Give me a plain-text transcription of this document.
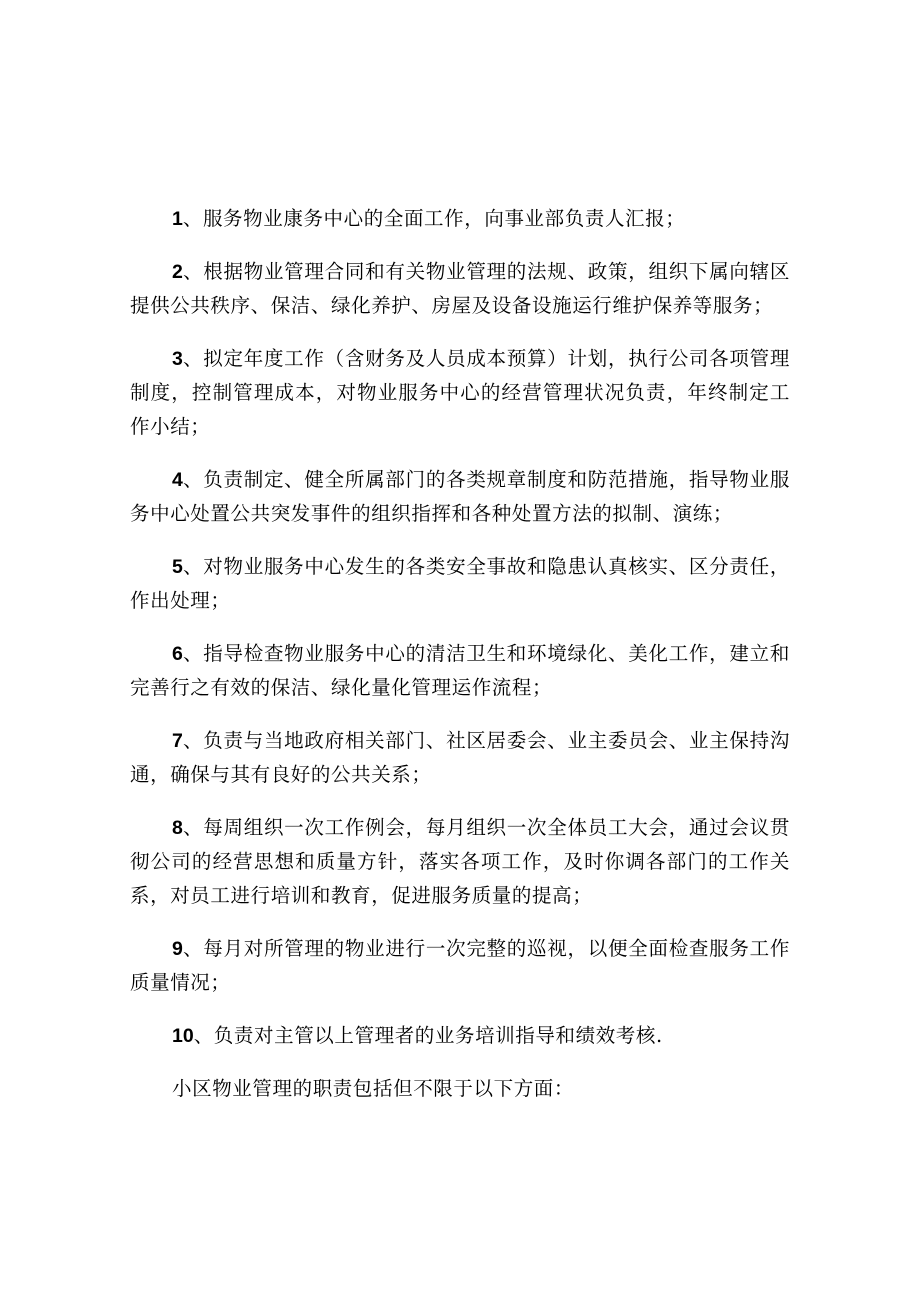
1、服务物业康务中心的全面工作，向事业部负责人汇报；

2、根据物业管理合同和有关物业管理的法规、政策，组织下属向辖区提供公共秩序、保洁、绿化养护、房屋及设备设施运行维护保养等服务；

3、拟定年度工作（含财务及人员成本预算）计划，执行公司各项管理制度，控制管理成本，对物业服务中心的经营管理状况负责，年终制定工作小结；

4、负责制定、健全所属部门的各类规章制度和防范措施，指导物业服务中心处置公共突发事件的组织指挥和各种处置方法的拟制、演练；

5、对物业服务中心发生的各类安全事故和隐患认真核实、区分责任，作出处理；

6、指导检查物业服务中心的清洁卫生和环境绿化、美化工作，建立和完善行之有效的保洁、绿化量化管理运作流程；

7、负责与当地政府相关部门、社区居委会、业主委员会、业主保持沟通，确保与其有良好的公共关系；

8、每周组织一次工作例会，每月组织一次全体员工大会，通过会议贯彻公司的经营思想和质量方针，落实各项工作，及时你调各部门的工作关系，对员工进行培训和教育，促进服务质量的提高；

9、每月对所管理的物业进行一次完整的巡视，以便全面检查服务工作质量情况；

10、负责对主管以上管理者的业务培训指导和绩效考核.

小区物业管理的职责包括但不限于以下方面：
